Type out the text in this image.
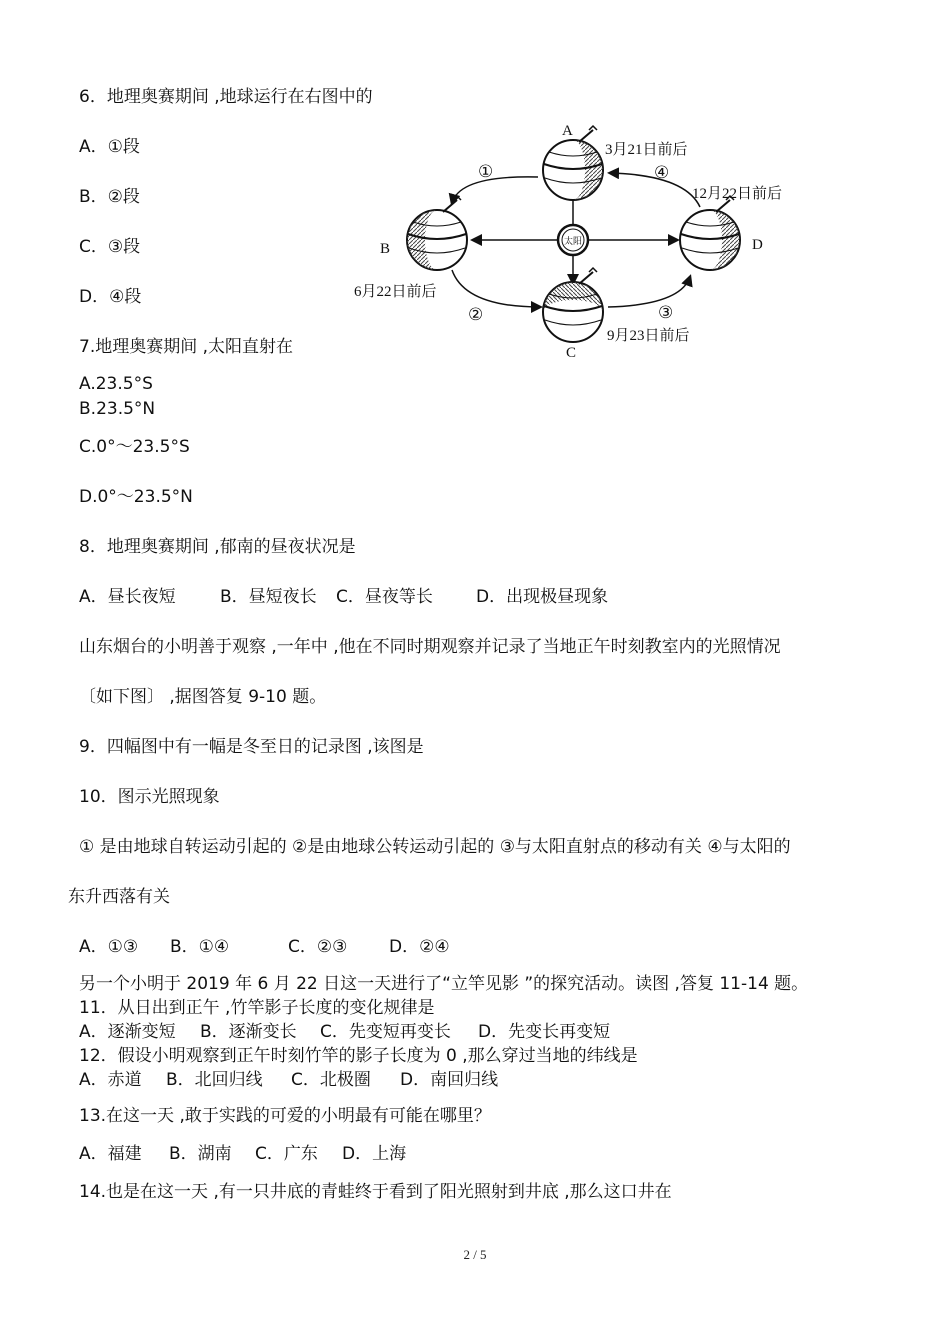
6．地理奥赛期间 ,地球运行在右图中的
A．①段
B．②段
C．③段
D．④段
太阳
A
B
C
D
3月21日前后
6月22日前后
9月23日前后
12月22日前后
①
②	③
④
7.地理奥赛期间 ,太阳直射在
A.23.5°S
B.23.5°N
C.0°～23.5°S
D.0°～23.5°N
8．地理奥赛期间 ,郁南的昼夜状况是
A．昼长夜短	B．昼短夜长 C．昼夜等长	D．出现极昼现象
山东烟台的小明善于观察 ,一年中 ,他在不同时期观察并记录了当地正午时刻教室内的光照情况
〔如下图〕 ,据图答复 9-10 题。
9．四幅图中有一幅是冬至日的记录图 ,该图是
10．图示光照现象
① 是由地球自转运动引起的 ②是由地球公转运动引起的 ③与太阳直射点的移动有关 ④与太阳的
东升西落有关
A．①③ B．①④	C．②③ D．②④
另一个小明于 2019 年 6 月 22 日这一天进行了“立竿见影 ”的探究活动。读图 ,答复 11-14 题。
11．从日出到正午 ,竹竿影子长度的变化规律是
A．逐渐变短 B．逐渐变长 C．先变短再变长 D．先变长再变短
12．假设小明观察到正午时刻竹竿的影子长度为 0 ,那么穿过当地的纬线是
A．赤道 B．北回归线 C．北极圈 D．南回归线
13.在这一天 ,敢于实践的可爱的小明最有可能在哪里？
A．福建 B．湖南 C．广东 D．上海
14.也是在这一天 ,有一只井底的青蛙终于看到了阳光照射到井底 ,那么这口井在
2 / 5
